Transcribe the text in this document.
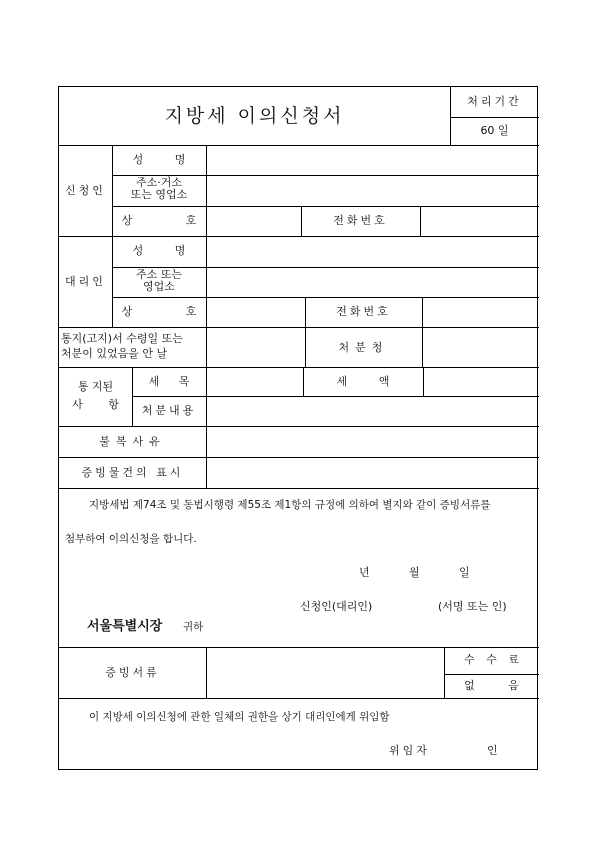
지방세 이의신청서
처리기간
60 일
신청인
성 명
주소·거소
또는 영업소
상 호	전화번호
대리인
성 명
주소 또는
영업소
상 호	전화번호
통지(고지)서 수령일 또는
처분이 있었음을 안 날	처분청
통 지된
사 항
세 목	세 액
처분내용
불복사유
증빙물건의 표시
지방세법 제74조 및 동법시행령 제55조 제1항의 규정에 의하여 별지와 같이 증빙서류를
첨부하여 이의신청을 합니다.
년	월	일
신청인(대리인)	(서명 또는 인)
서울특별시장 귀하
증빙서류
수 수 료
없 음
이 지방세 이의신청에 관한 일체의 권한을 상기 대리인에게 위임함
위임자	인
